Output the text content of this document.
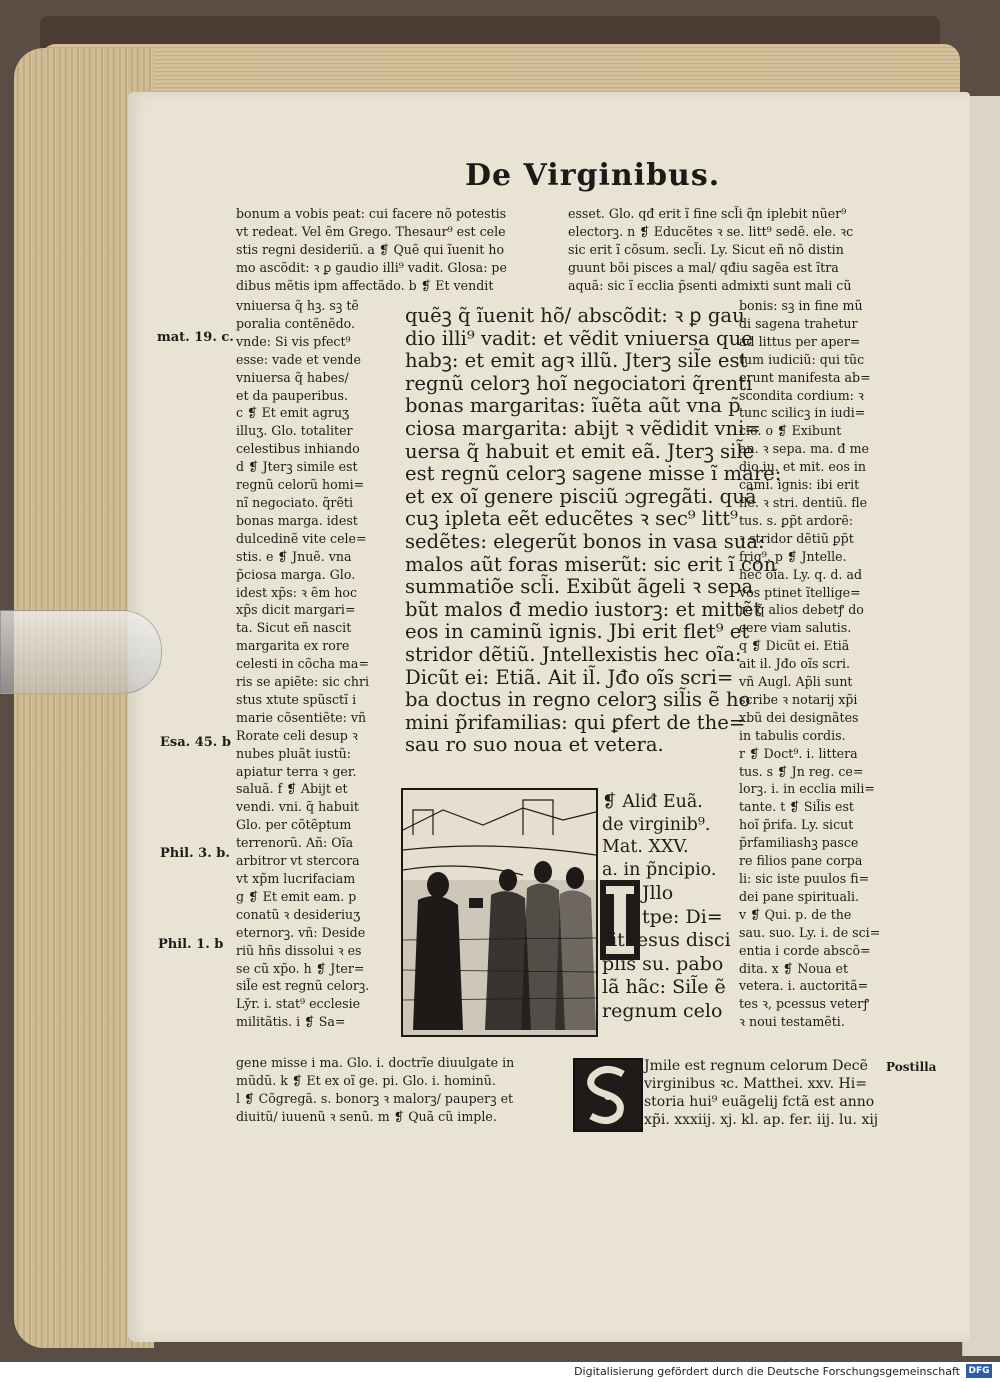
De Virginibus.
bonum a vobis peat: cui facere nõ potestis
vt redeat. Vel ẽm Grego. Thesaur⁹ est cele
stis regni desideriũ. a ❡ Quẽ qui ĩuenit ho
mo ascõdit: ꝛ ꝑ gaudio illi⁹ vadit. Glosa: pe
dibus mẽtis ipm affectãdo. b ❡ Et vendit
vniuersa q̃ hꝫ. sꝫ tẽ
poralia contẽnẽdo.
vnde: Si vis pfect⁹
esse: vade et vende
vniuersa q̃ habes/
et da pauperibus.
c ❡ Et emit agruʒ
illuʒ. Glo. totaliter
celestibus inhiando
d ❡ Jterꝫ simile est
regnũ celorũ homi=
nĩ negociato. q̃rẽti
bonas marga. idest
dulcedinẽ vite cele=
stis. e ❡ Jnuẽ. vna
p̃ciosa marga. Glo.
idest xp̃s: ꝛ ẽm hoc
xp̃s dicit margari=
ta. Sicut eñ nascit
margarita ex rore
celesti in cõcha ma=
ris se apiẽte: sic chri
stus xtute spũsctĩ i
marie cõsentiẽte: vñ
Rorate celi desup ꝛ
nubes pluãt iustũ:
apiatur terra ꝛ ger.
saluã. f ❡ Abijt et
vendi. vni. q̃ habuit
Glo. per cõtẽptum
terrenorũ. Añ: Oĩa
arbitror vt stercora
vt xp̃m lucrifaciam
g ❡ Et emit eam. p
conatũ ꝛ desideriuʒ
eternorꝫ. vñ: Deside
riũ hñs dissolui ꝛ es
se cũ xp̃o. h ❡ Jter=
sil̃e est regnũ celorꝫ.
Ly̆r. i. stat⁹ ecclesie
militãtis. i ❡ Sa=
gene misse i ma. Glo. i. doctrĩe diuulgate in
mũdũ. k ❡ Et ex oĩ ge. pi. Glo. i. hominũ.
l ❡ Cõgregã. s. bonorꝫ ꝛ malorꝫ/ pauperꝫ et
diuitũ/ iuuenũ ꝛ senũ. m ❡ Quã cũ imple.
mat. 19. c.
Esa. 45. b
Phil. 3. b.
Phil. 1. b
esset. Glo. qđ erit ĩ fine scl̃i q̃n iplebit nũer⁹
electorꝫ. n ❡ Educẽtes ꝛ se. litt⁹ sedẽ. ele. ꝛc
sic erit ĩ cõsum. secl̃i. Ly. Sicut eñ nõ distin
guunt bõi pisces a mal/ qđiu sagẽa est ĩtra
aquã: sic ĩ ecclia p̃senti admixti sunt mali cũ
bonis: sꝫ in fine mũ
di sagena trahetur
ad littus per aper=
tum iudiciũ: qui tũc
erunt manifesta ab=
scondita cordium: ꝛ
tunc scilicꝫ in iudi=
cio. o ❡ Exibunt
an. ꝛ sepa. ma. đ me
dio iu. et mit. eos in
cami. ignis: ibi erit
fle. ꝛ stri. dentiũ. fle
tus. s. ꝑp̃t ardorẽ:
ꝛ stridor dẽtiũ ꝑp̃t
frig⁹. p ❡ Jntelle.
hec oĩa. Ly. q. d. ad
vos ptinet ĩtellige=
re q̃ alios debetꝭ do
cere viam salutis.
q ❡ Dicũt ei. Etiã
ait il. Jđo oĩs scri.
vñ Augl. Ap̃li sunt
scribe ꝛ notarij xp̃i
xbũ dei designãtes
in tabulis cordis.
r ❡ Doct⁹. i. littera
tus. s ❡ Jn reg. ce=
lorꝫ. i. in ecclia mili=
tante. t ❡ Sil̃is est
hoĩ p̃rifa. Ly. sicut
p̃rfamiliashꝫ pasce
re filios pane corpa
li: sic iste puulos fi=
dei pane spirituali.
v ❡ Qui. p. de the
sau. suo. Ly. i. de sci=
entia i corde abscõ=
dita. x ❡ Noua et
vetera. i. auctoritã=
tes ꝛ, pcessus veterꝭ
ꝛ noui testamẽti.
quẽꝫ q̃ ĩuenit hõ/ abscõdit: ꝛ ꝑ gau
dio illi⁹ vadit: et vẽdit vniuersa que
habꝫ: et emit agꝛ illũ. Jterꝫ sil̃e est
regnũ celorꝫ hoĩ negociatori q̃renti
bonas margaritas: ĩuẽta aũt vna p̃
ciosa margarita: abijt ꝛ vẽdidit vni=
uersa q̃ habuit et emit eã. Jterꝫ sil̃e
est regnũ celorꝫ sagene misse ĩ mare:
et ex oĩ genere pisciũ ɔgregãti. quã
cuꝫ ipleta eẽt educẽtes ꝛ sec⁹ litt⁹
sedẽtes: elegerũt bonos in vasa sua:
malos aũt foras miserũt: sic erit ĩ con
summatiõe scl̃i. Exibũt ãgeli ꝛ sepa
bũt malos đ medio iustorꝫ: et mittẽt
eos in caminũ ignis. Jbi erit flet⁹ et
stridor dẽtiũ. Jntellexistis hec oĩa:
Dicũt ei: Etiã. Ait il̃. Jđo oĩs scri=
ba doctus in regno celorꝫ sil̃is ẽ ho
mini p̃rifamilias: qui ꝑfert de the=
sau ro suo noua et vetera.
❡ Aliđ Euã.
de virginib⁹.
Mat. XXV.
a. in p̃ncipio.
Jllo
tpe: Di=
rit iesus disci
p̃lis su. pabo
lã hãc: Sil̃e ẽ
regnum celo
Jmile est regnum celorum Decẽ
virginibus ꝛc. Matthei. xxv. Hi=
storia hui⁹ euãgelij fctã est anno
xp̃i. xxxiij. xj. kl. ap. fer. iij. lu. xij
Postilla
Digitalisierung gefördert durch die Deutsche Forschungsgemeinschaft DFG
